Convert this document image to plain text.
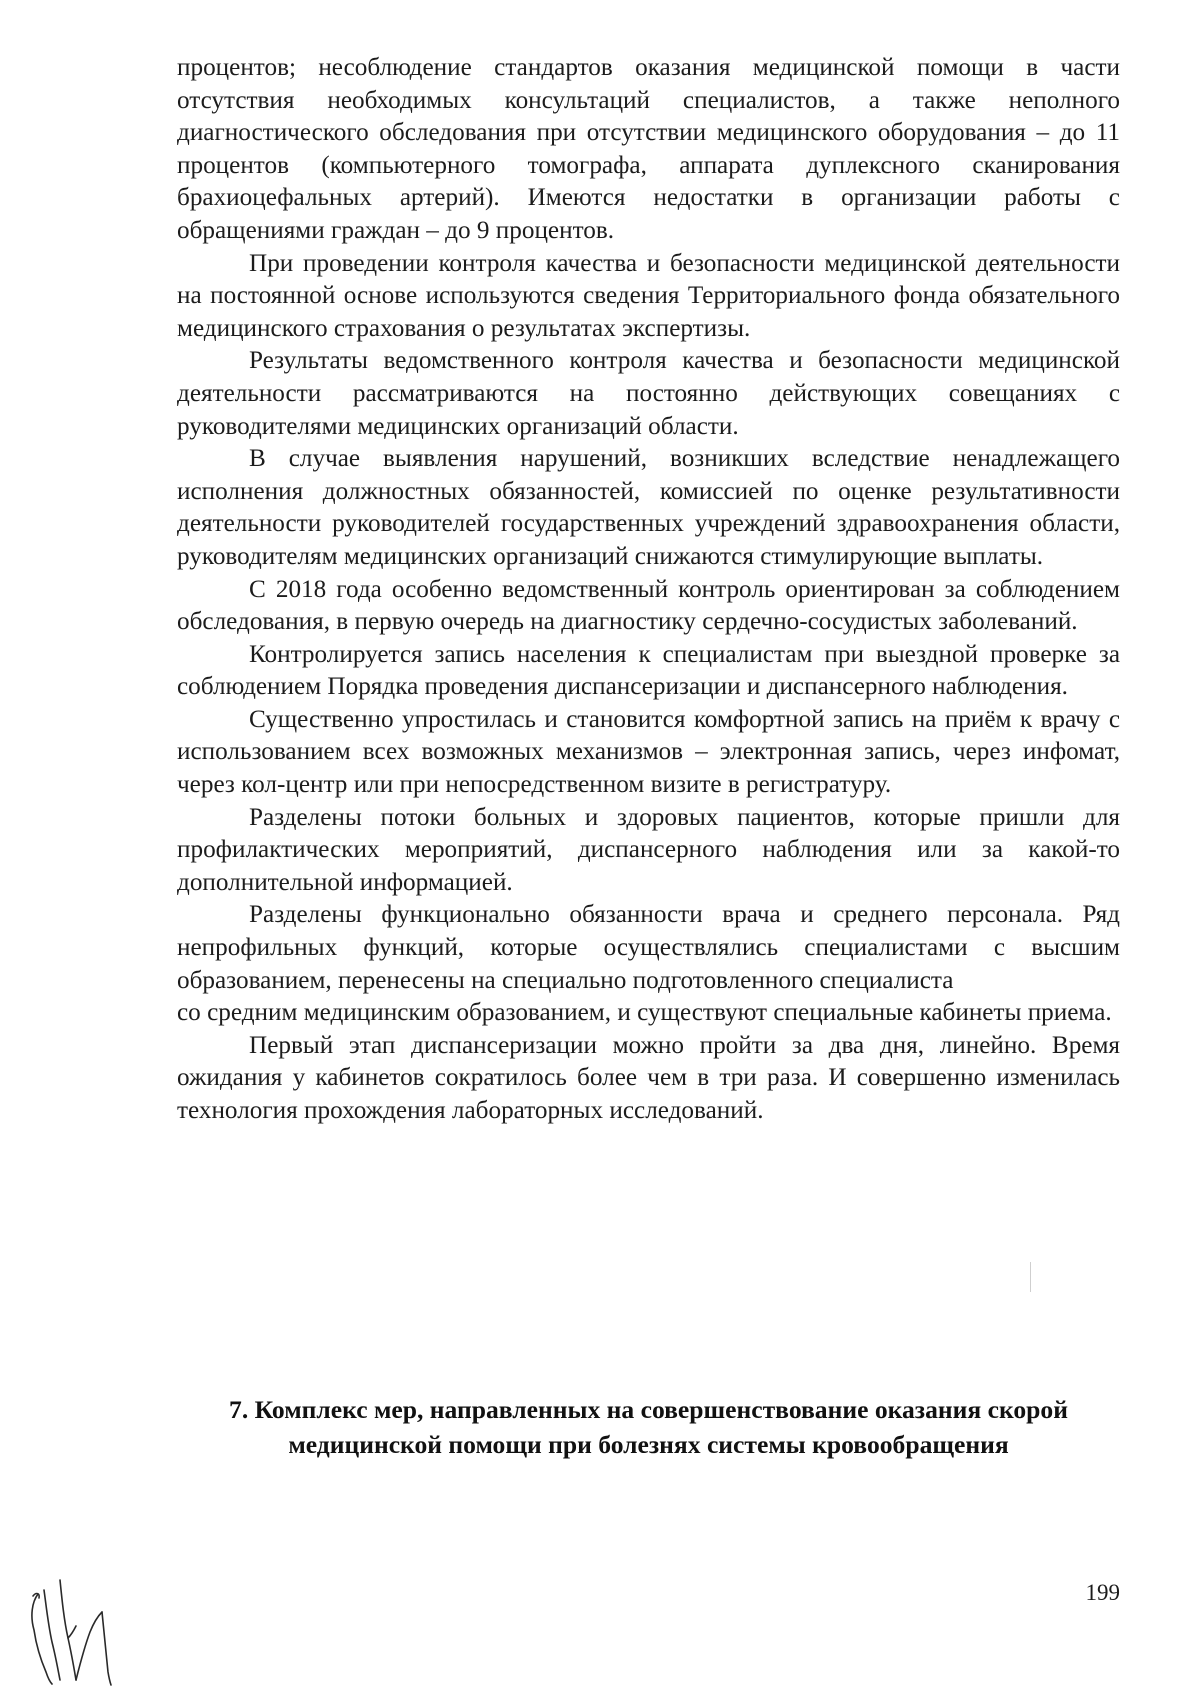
процентов; несоблюдение стандартов оказания медицинской помощи в части отсутствия необходимых консультаций специалистов, а также неполного диагностического обследования при отсутствии медицинского оборудования – до 11 процентов (компьютерного томографа, аппарата дуплексного сканирования брахиоцефальных артерий). Имеются недостатки в организации работы с обращениями граждан – до 9 процентов.

При проведении контроля качества и безопасности медицинской деятельности на постоянной основе используются сведения Территориального фонда обязательного медицинского страхования о результатах экспертизы.

Результаты ведомственного контроля качества и безопасности медицинской деятельности рассматриваются на постоянно действующих совещаниях с руководителями медицинских организаций области.

В случае выявления нарушений, возникших вследствие ненадлежащего исполнения должностных обязанностей, комиссией по оценке результативности деятельности руководителей государственных учреждений здравоохранения области, руководителям медицинских организаций снижаются стимулирующие выплаты.

С 2018 года особенно ведомственный контроль ориентирован за соблюдением обследования, в первую очередь на диагностику сердечно-сосудистых заболеваний.

Контролируется запись населения к специалистам при выездной проверке за соблюдением Порядка проведения диспансеризации и диспансерного наблюдения.

Существенно упростилась и становится комфортной запись на приём к врачу с использованием всех возможных механизмов – электронная запись, через инфомат, через кол-центр или при непосредственном визите в регистратуру.

Разделены потоки больных и здоровых пациентов, которые пришли для профилактических мероприятий, диспансерного наблюдения или за какой-то дополнительной информацией.

Разделены функционально обязанности врача и среднего персонала. Ряд непрофильных функций, которые осуществлялись специалистами с высшим образованием, перенесены на специально подготовленного специалиста

со средним медицинским образованием, и существуют специальные кабинеты приема.

Первый этап диспансеризации можно пройти за два дня, линейно. Время ожидания у кабинетов сократилось более чем в три раза. И совершенно изменилась технология прохождения лабораторных исследований.

7. Комплекс мер, направленных на совершенствование оказания скорой
медицинской помощи при болезнях системы кровообращения
199
